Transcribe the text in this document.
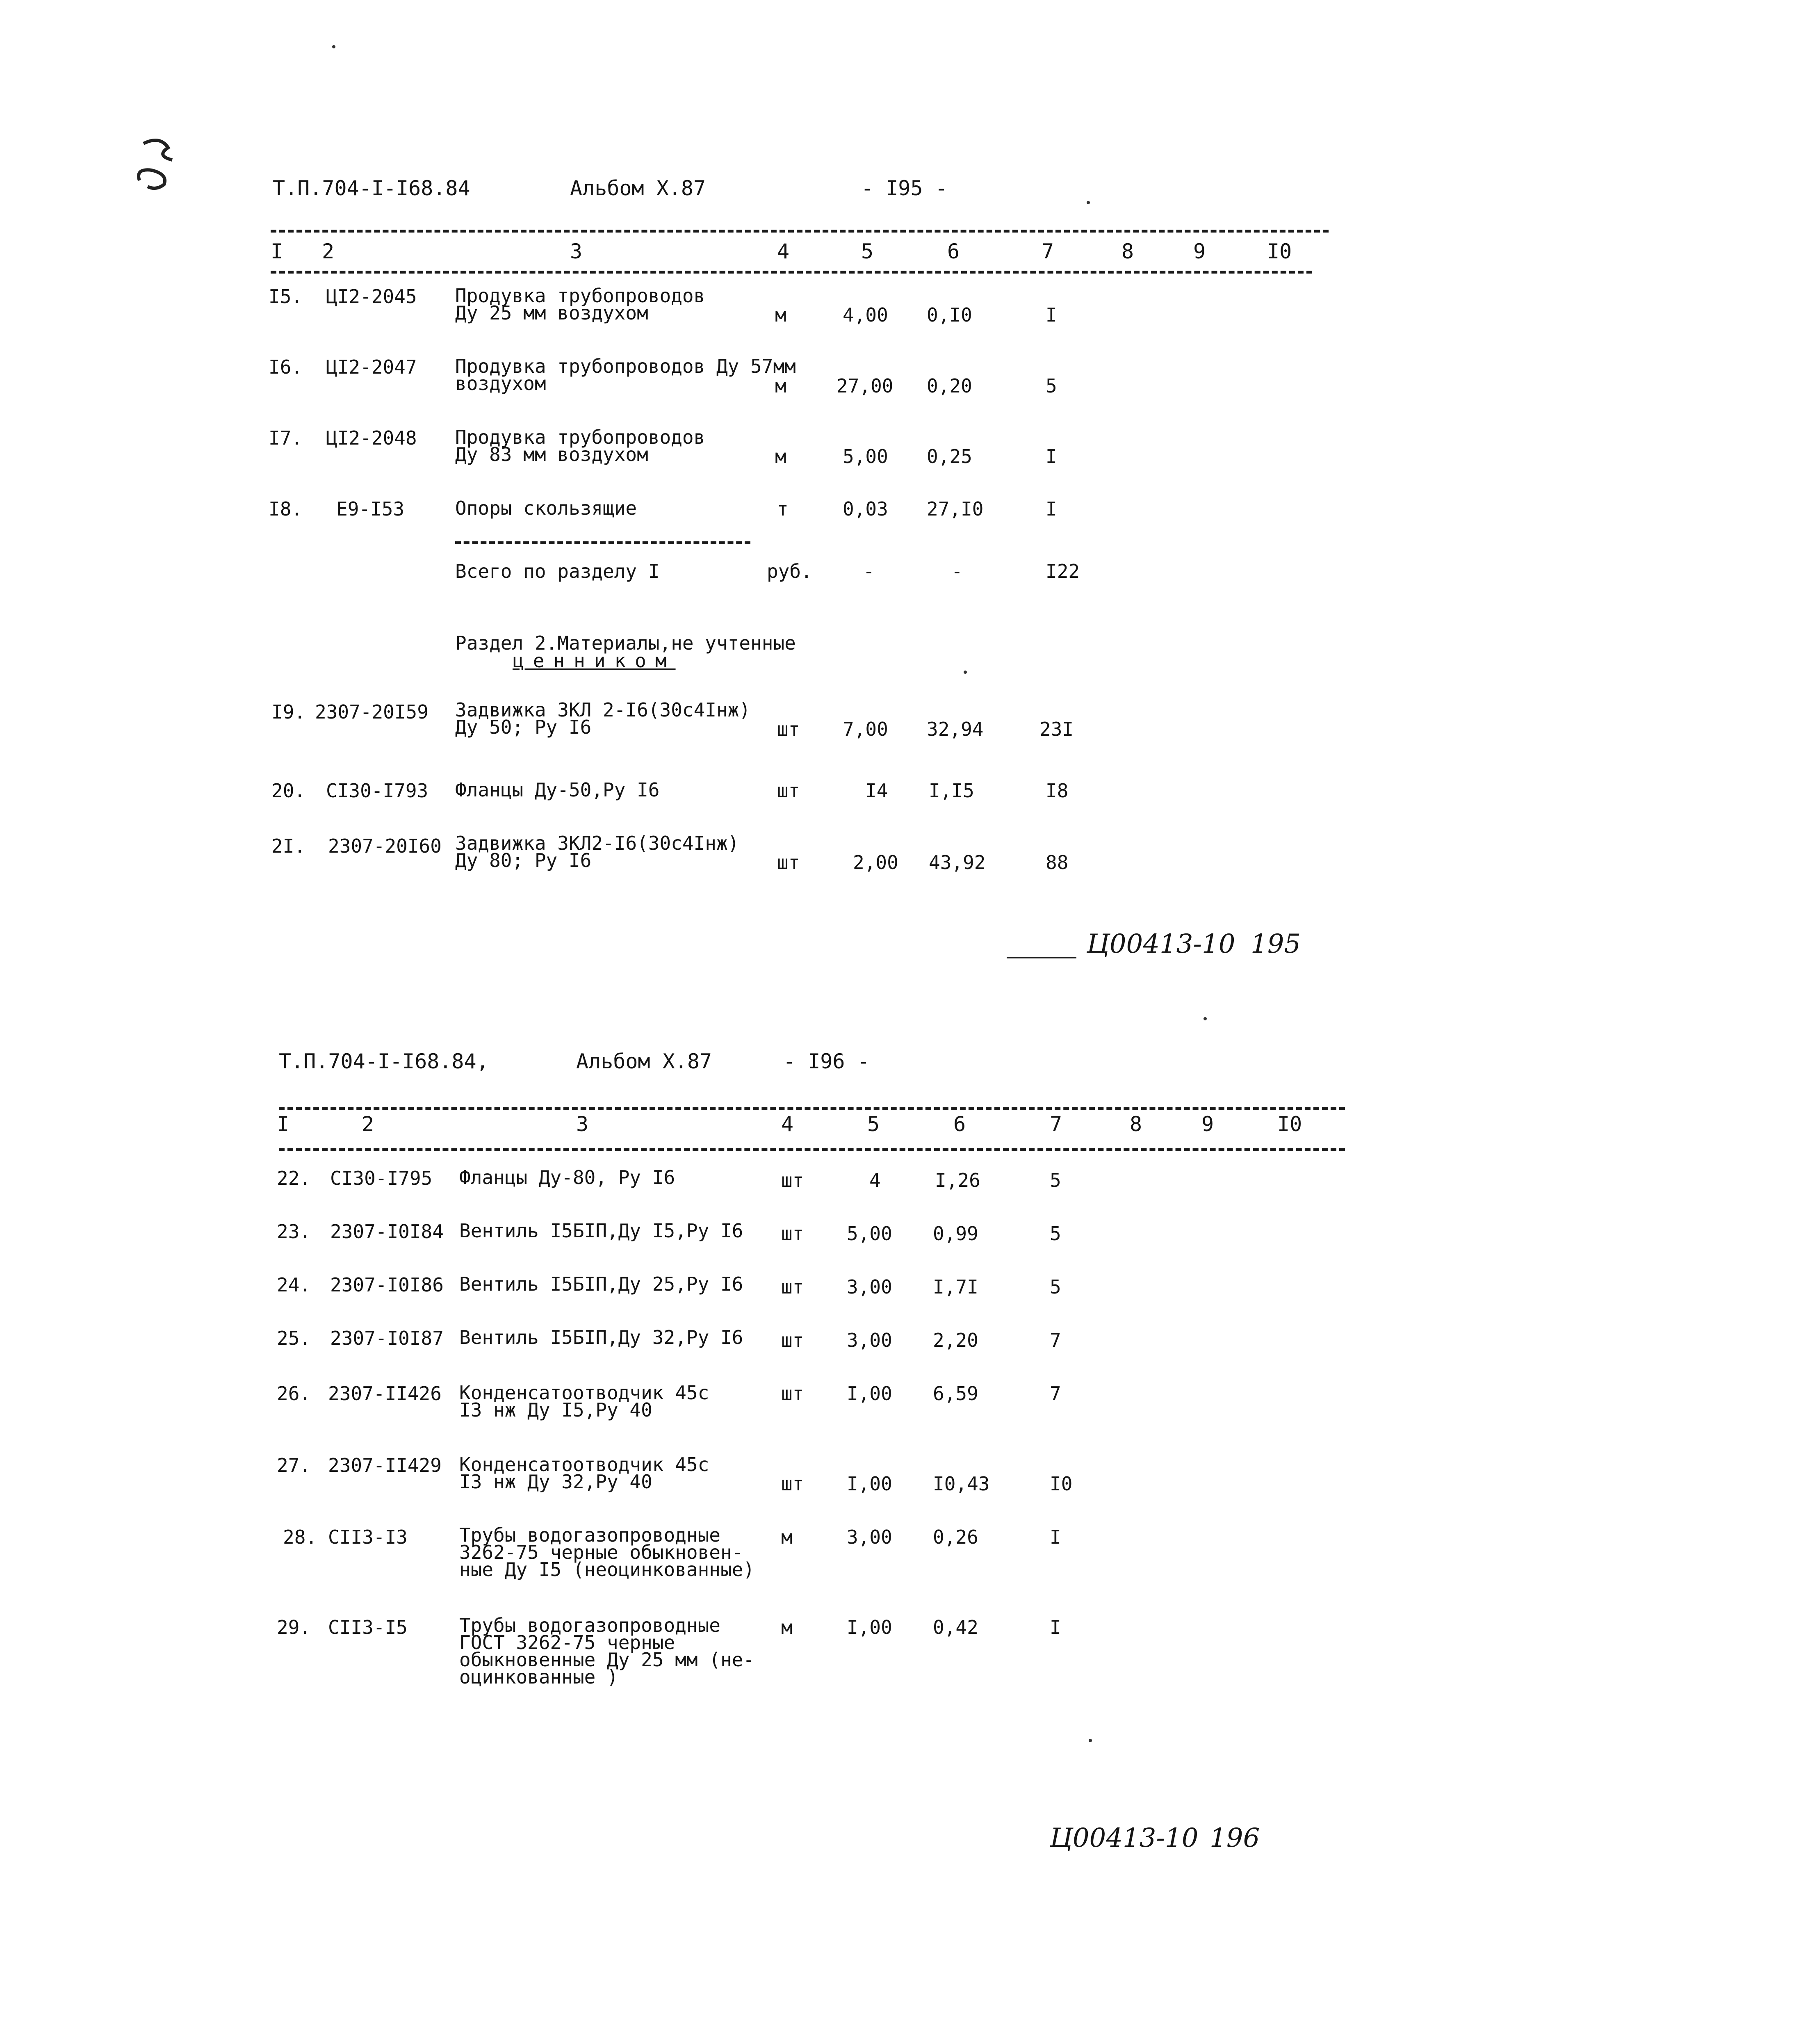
Т.П.704-I-I68.84	Альбом Х.87	- I95 -
I 2	3	4	5	6	7	8	9	I0
I5. ЦI2-2045 Продувка трубопроводов
Ду 25 мм воздухом	м	4,00 0,I0	I
I6. ЦI2-2047 Продувка трубопроводов Ду 57мм
воздухом	м	27,00 0,20	5
I7. ЦI2-2048 Продувка трубопроводов
Ду 83 мм воздухом	м	5,00 0,25	I
I8. Е9-I53	Опоры скользящие	т	0,03 27,I0	I
Всего по разделу I	руб.	-	-	I22
Раздел 2.Материалы,не учтенные
ценником
I9. 2307-20I59 Задвижка ЗКЛ 2-I6(30с4Iнж)
Ду 50; Ру I6	шт 7,00 32,94	23I
20. СI30-I793 Фланцы Ду-50,Ру I6	шт	I4 I,I5	I8
2I. 2307-20I60 Задвижка ЗКЛ2-I6(30с4Iнж)
Ду 80; Ру I6	шт	2,00 43,92	88
Ц00413-10 195
Т.П.704-I-I68.84,	Альбом Х.87	- I96 -
I	2	3	4	5	6	7	8	9	I0
22. СI30-I795 Фланцы Ду-80, Ру I6	шт	4	I,26	5
23. 2307-I0I84 Вентиль I5БIП,Ду I5,Ру I6 шт 5,00 0,99	5
24. 2307-I0I86 Вентиль I5БIП,Ду 25,Ру I6 шт 3,00 I,7I	5
25. 2307-I0I87 Вентиль I5БIП,Ду 32,Ру I6 шт 3,00 2,20	7
26. 2307-II426 Конденсатоотводчик 45с
I3 нж Ду I5,Ру 40
шт I,00 6,59	7
27. 2307-II429 Конденсатоотводчик 45с
I3 нж Ду 32,Ру 40	шт I,00 I0,43	I0
28. СII3-I3	Трубы водогазопроводные
3262-75 черные обыкновен-
ные Ду I5 (неоцинкованные)
м	3,00 0,26	I
29. СII3-I5	Трубы водогазопроводные
ГОСТ 3262-75 черные
обыкновенные Ду 25 мм (не-
оцинкованные )
м	I,00 0,42	I
Ц00413-10 196
